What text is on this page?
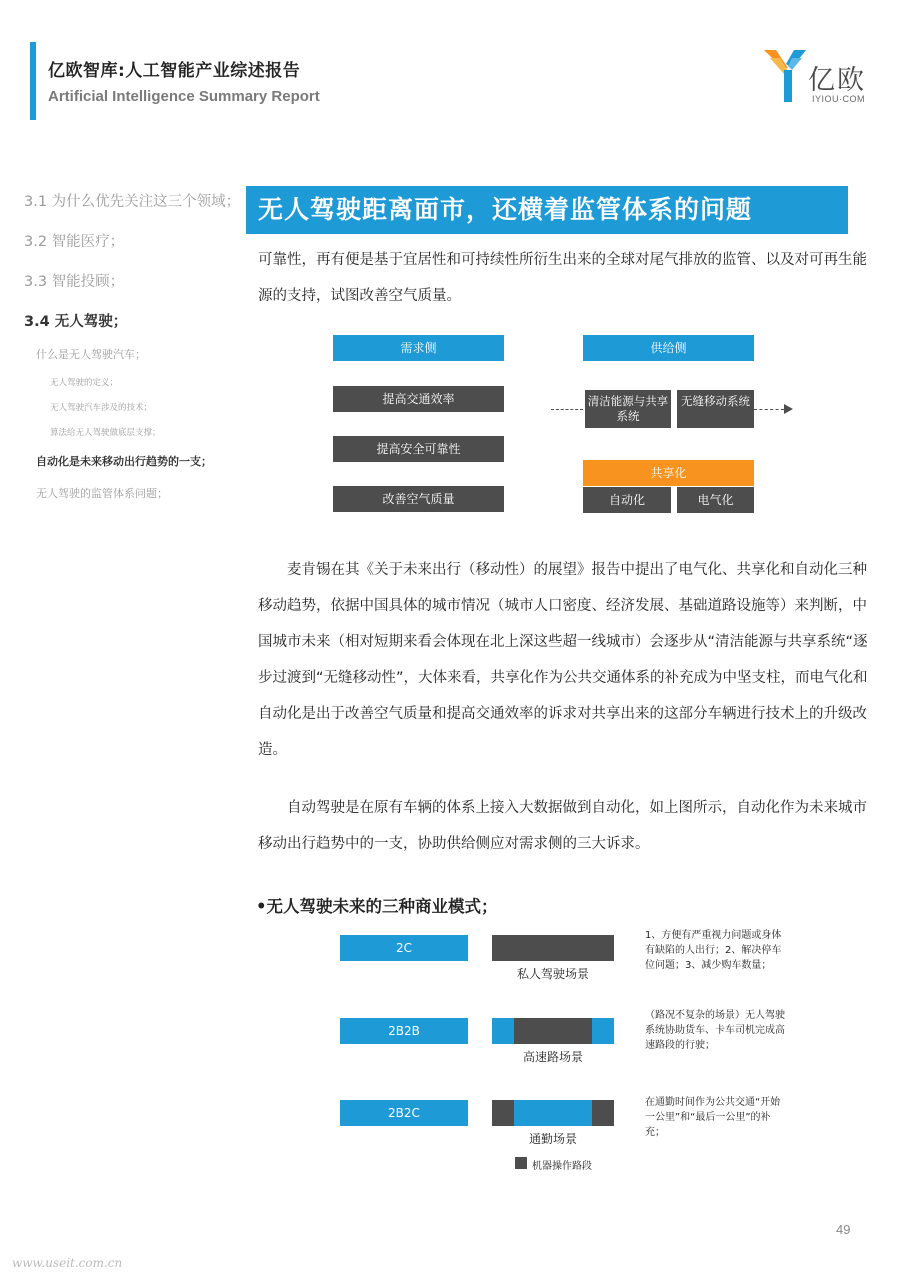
亿欧智库:人工智能产业综述报告
Artificial Intelligence Summary Report
亿欧
IYIOU·COM
3.1 为什么优先关注这三个领域；
3.2 智能医疗；
3.3 智能投顾；
3.4 无人驾驶；
什么是无人驾驶汽车；
无人驾驶的定义；
无人驾驶汽车涉及的技术；
算法给无人驾驶做底层支撑；
自动化是未来移动出行趋势的一支；
无人驾驶的监管体系问题；
无人驾驶距离面市，还横着监管体系的问题
可靠性，再有便是基于宜居性和可持续性所衍生出来的全球对尾气排放的监管、以及对可再生能源的支持，试图改善空气质量。
需求侧
提高交通效率
提高安全可靠性
改善空气质量
供给侧
清洁能源与共享系统
无缝移动系统
共享化
自动化	电气化
麦肯锡在其《关于未来出行（移动性）的展望》报告中提出了电气化、共享化和自动化三种移动趋势，依据中国具体的城市情况（城市人口密度、经济发展、基础道路设施等）来判断，中国城市未来（相对短期来看会体现在北上深这些超一线城市）会逐步从“清洁能源与共享系统“逐步过渡到“无缝移动性”，大体来看，共享化作为公共交通体系的补充成为中坚支柱，而电气化和自动化是出于改善空气质量和提高交通效率的诉求对共享出来的这部分车辆进行技术上的升级改造。
自动驾驶是在原有车辆的体系上接入大数据做到自动化，如上图所示，自动化作为未来城市移动出行趋势中的一支，协助供给侧应对需求侧的三大诉求。
•无人驾驶未来的三种商业模式；
2C
私人驾驶场景
1、方便有严重视力问题或身体有缺陷的人出行；2、解决停车位问题；3、减少购车数量；
2B2B
高速路场景
（路况不复杂的场景）无人驾驶系统协助货车、卡车司机完成高速路段的行驶；
2B2C
通勤场景
在通勤时间作为公共交通“开始一公里”和“最后一公里”的补充；
机器操作路段
49
www.useit.com.cn
